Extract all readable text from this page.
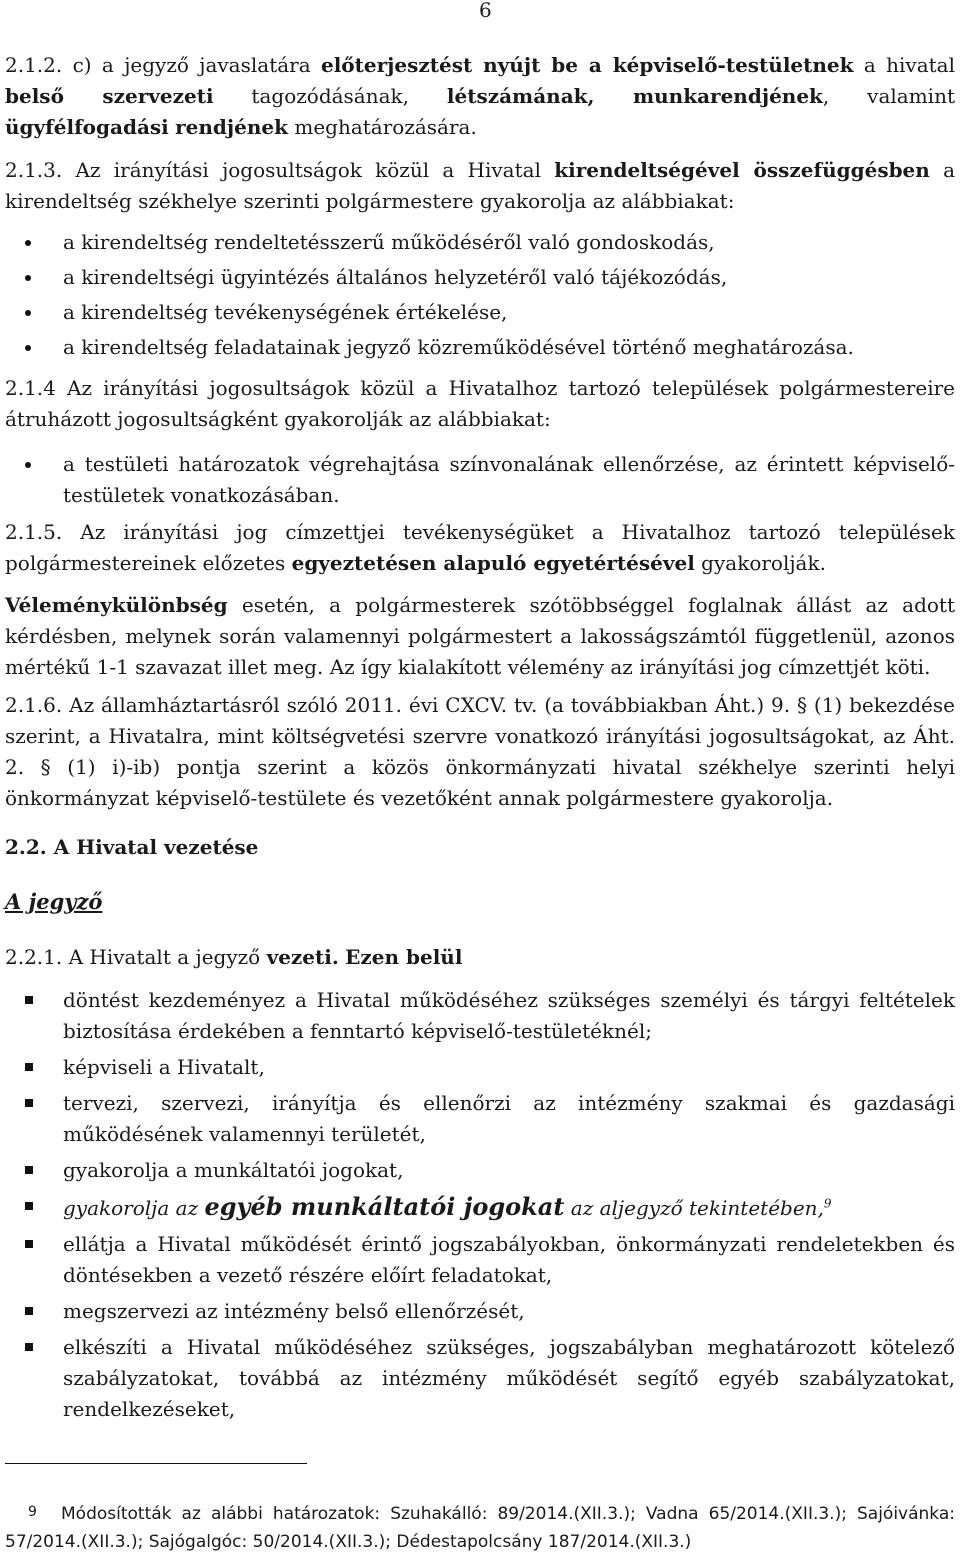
6

2.1.2. c) a jegyző javaslatára előterjesztést nyújt be a képviselő-testületnek a hivatal belső szervezeti tagozódásának, létszámának, munkarendjének, valamint ügyfélfogadási rendjének meghatározására.

2.1.3. Az irányítási jogosultságok közül a Hivatal kirendeltségével összefüggésben a kirendeltség székhelye szerinti polgármestere gyakorolja az alábbiakat:

a kirendeltség rendeltetésszerű működéséről való gondoskodás,
a kirendeltségi ügyintézés általános helyzetéről való tájékozódás,
a kirendeltség tevékenységének értékelése,
a kirendeltség feladatainak jegyző közreműködésével történő meghatározása.

2.1.4 Az irányítási jogosultságok közül a Hivatalhoz tartozó települések polgármestereire átruházott jogosultságként gyakorolják az alábbiakat:

a testületi határozatok végrehajtása színvonalának ellenőrzése, az érintett képviselő-testületek vonatkozásában.

2.1.5. Az irányítási jog címzettjei tevékenységüket a Hivatalhoz tartozó települések polgármestereinek előzetes egyeztetésen alapuló egyetértésével gyakorolják.

Véleménykülönbség esetén, a polgármesterek szótöbbséggel foglalnak állást az adott kérdésben, melynek során valamennyi polgármestert a lakosságszámtól függetlenül, azonos mértékű 1-1 szavazat illet meg. Az így kialakított vélemény az irányítási jog címzettjét köti.

2.1.6. Az államháztartásról szóló 2011. évi CXCV. tv. (a továbbiakban Áht.) 9. § (1) bekezdése szerint, a Hivatalra, mint költségvetési szervre vonatkozó irányítási jogosultságokat, az Áht. 2. § (1) i)-ib) pontja szerint a közös önkormányzati hivatal székhelye szerinti helyi önkormányzat képviselő-testülete és vezetőként annak polgármestere gyakorolja.

2.2. A Hivatal vezetése
A jegyző

2.2.1. A Hivatalt a jegyző vezeti. Ezen belül

döntést kezdeményez a Hivatal működéséhez szükséges személyi és tárgyi feltételek biztosítása érdekében a fenntartó képviselő-testületéknél;
képviseli a Hivatalt,
tervezi, szervezi, irányítja és ellenőrzi az intézmény szakmai és gazdasági működésének valamennyi területét,
gyakorolja a munkáltatói jogokat,
gyakorolja az egyéb munkáltatói jogokat az aljegyző tekintetében,$^9$
ellátja a Hivatal működését érintő jogszabályokban, önkormányzati rendeletekben és döntésekben a vezető részére előírt feladatokat,
megszervezi az intézmény belső ellenőrzését,
elkészíti a Hivatal működéséhez szükséges, jogszabályban meghatározott kötelező szabályzatokat, továbbá az intézmény működését segítő egyéb szabályzatokat, rendelkezéseket,
9	Módosították az alábbi határozatok: Szuhakálló: 89/2014.(XII.3.); Vadna 65/2014.(XII.3.); Sajóivánka: 57/2014.(XII.3.); Sajógalgóc: 50/2014.(XII.3.); Dédestapolcsány 187/2014.(XII.3.)
